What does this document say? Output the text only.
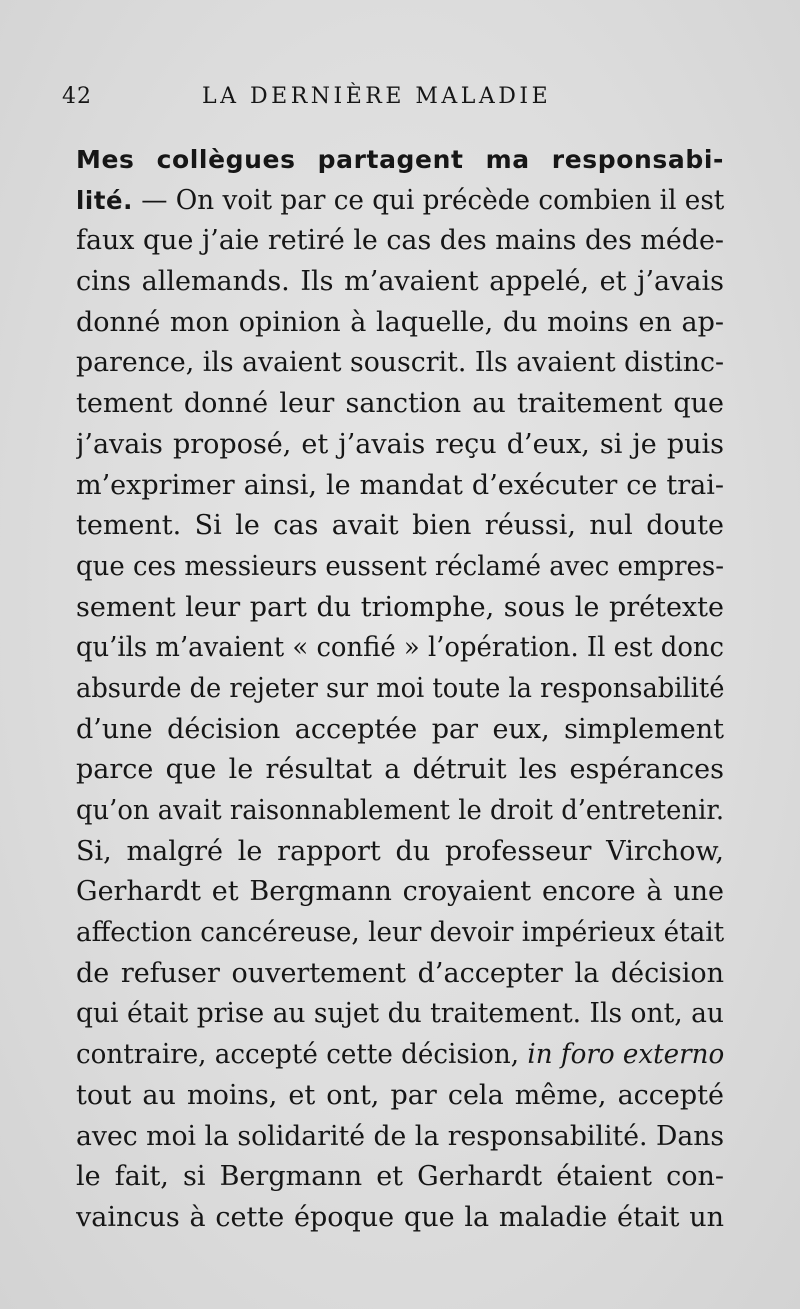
42	LA DERNIÈRE MALADIE
Mes collègues partagent ma responsabi-
lité. — On voit par ce qui précède combien il est
faux que j’aie retiré le cas des mains des méde-
cins allemands. Ils m’avaient appelé, et j’avais
donné mon opinion à laquelle, du moins en ap-
parence, ils avaient souscrit. Ils avaient distinc-
tement donné leur sanction au traitement que
j’avais proposé, et j’avais reçu d’eux, si je puis
m’exprimer ainsi, le mandat d’exécuter ce trai-
tement. Si le cas avait bien réussi, nul doute
que ces messieurs eussent réclamé avec empres-
sement leur part du triomphe, sous le prétexte
qu’ils m’avaient « confié » l’opération. Il est donc
absurde de rejeter sur moi toute la responsabilité
d’une décision acceptée par eux, simplement
parce que le résultat a détruit les espérances
qu’on avait raisonnablement le droit d’entretenir.
Si, malgré le rapport du professeur Virchow,
Gerhardt et Bergmann croyaient encore à une
affection cancéreuse, leur devoir impérieux était
de refuser ouvertement d’accepter la décision
qui était prise au sujet du traitement. Ils ont, au
contraire, accepté cette décision, in foro externo
tout au moins, et ont, par cela même, accepté
avec moi la solidarité de la responsabilité. Dans
le fait, si Bergmann et Gerhardt étaient con-
vaincus à cette époque que la maladie était un
